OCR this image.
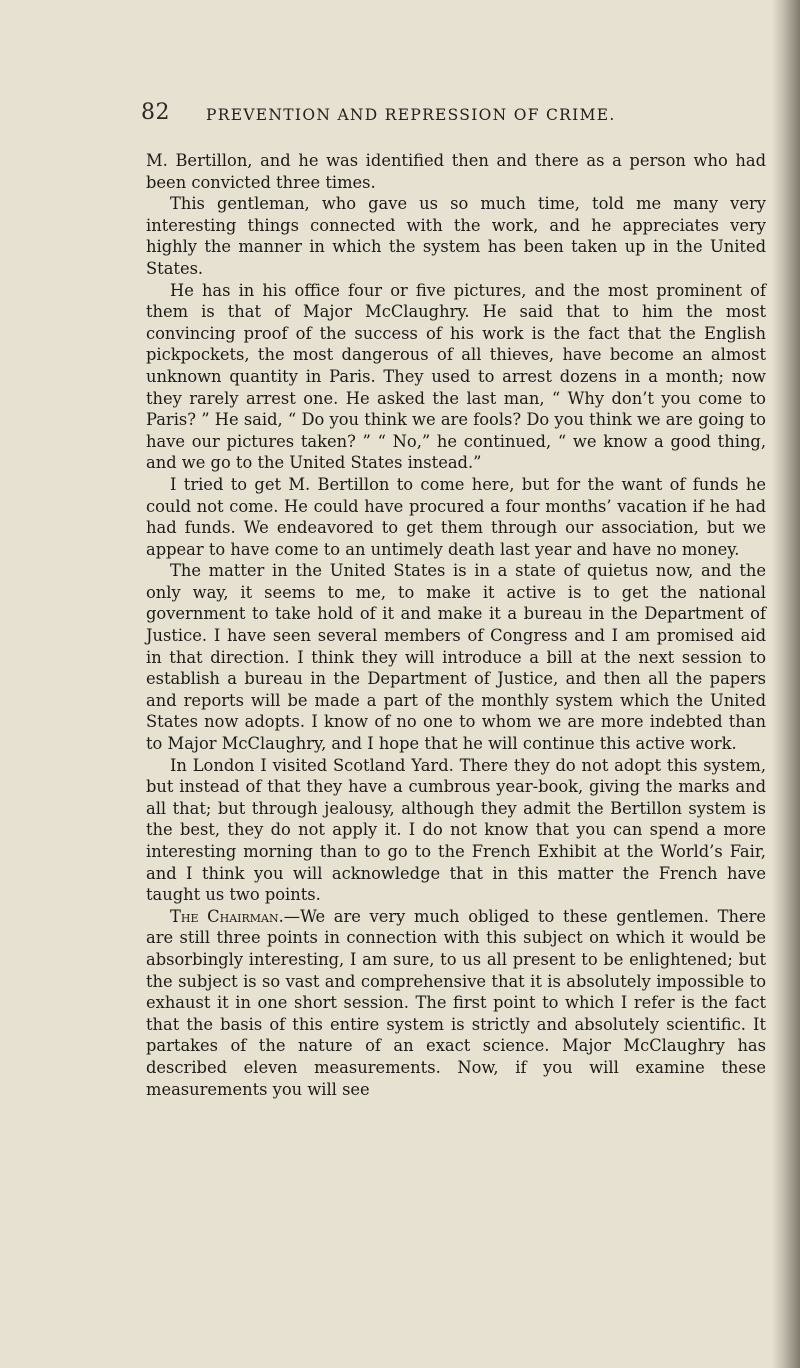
82 PREVENTION AND REPRESSION OF CRIME.

M. Bertillon, and he was identified then and there as a person who had been convicted three times.

This gentleman, who gave us so much time, told me many very interesting things connected with the work, and he appreciates very highly the manner in which the system has been taken up in the United States.

He has in his office four or five pictures, and the most prominent of them is that of Major McClaughry. He said that to him the most convincing proof of the success of his work is the fact that the English pickpockets, the most dangerous of all thieves, have become an almost unknown quantity in Paris. They used to arrest dozens in a month; now they rarely arrest one. He asked the last man, “ Why don’t you come to Paris? ” He said, “ Do you think we are fools? Do you think we are going to have our pictures taken? ” “ No,” he continued, “ we know a good thing, and we go to the United States instead.”

I tried to get M. Bertillon to come here, but for the want of funds he could not come. He could have procured a four months’ vacation if he had had funds. We endeavored to get them through our association, but we appear to have come to an untimely death last year and have no money.

The matter in the United States is in a state of quietus now, and the only way, it seems to me, to make it active is to get the national government to take hold of it and make it a bureau in the Department of Justice. I have seen several members of Congress and I am promised aid in that direction. I think they will introduce a bill at the next session to establish a bureau in the Department of Justice, and then all the papers and reports will be made a part of the monthly system which the United States now adopts. I know of no one to whom we are more indebted than to Major McClaughry, and I hope that he will continue this active work.

In London I visited Scotland Yard. There they do not adopt this system, but instead of that they have a cumbrous year-book, giving the marks and all that; but through jealousy, although they admit the Bertillon system is the best, they do not apply it. I do not know that you can spend a more interesting morning than to go to the French Exhibit at the World’s Fair, and I think you will acknowledge that in this matter the French have taught us two points.

The Chairman.—We are very much obliged to these gentlemen. There are still three points in connection with this subject on which it would be absorbingly interesting, I am sure, to us all present to be enlightened; but the subject is so vast and comprehensive that it is absolutely impossible to exhaust it in one short session. The first point to which I refer is the fact that the basis of this entire system is strictly and absolutely scientific. It partakes of the nature of an exact science. Major McClaughry has described eleven measurements. Now, if you will examine these measurements you will see
